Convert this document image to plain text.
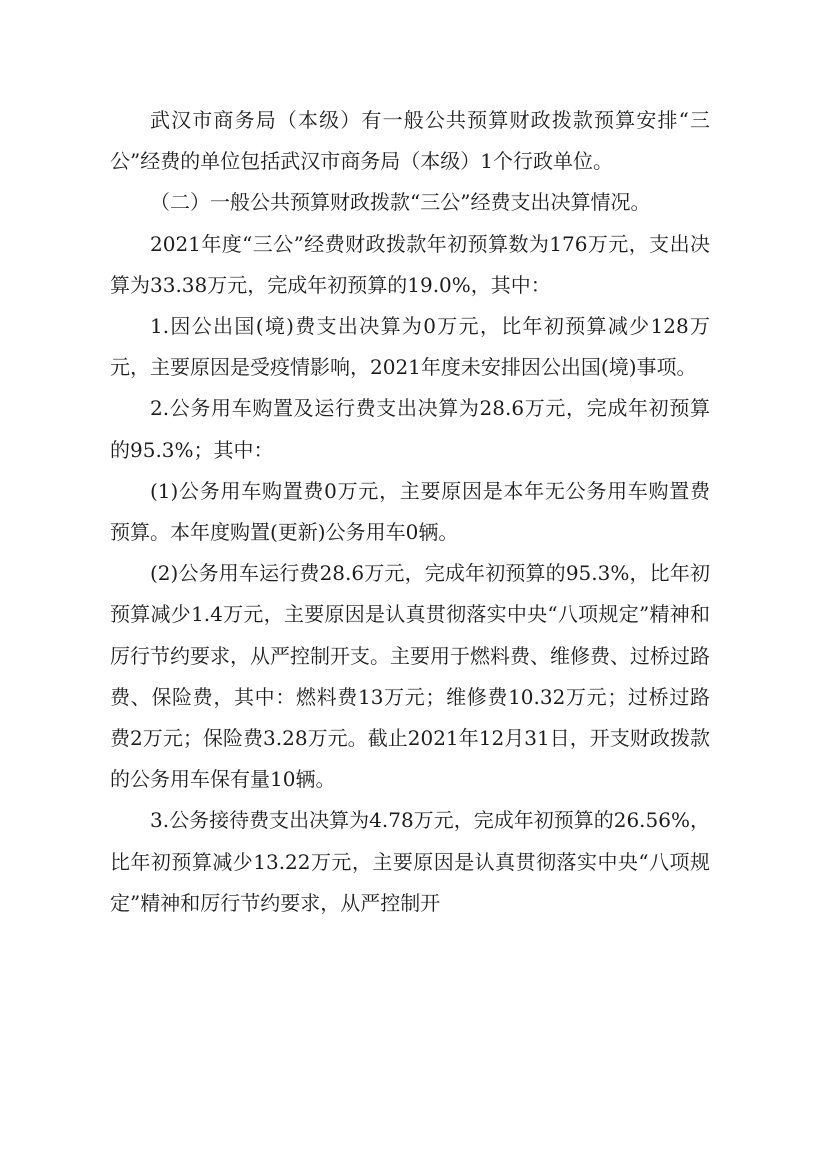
武汉市商务局（本级）有一般公共预算财政拨款预算安排“三公”经费的单位包括武汉市商务局（本级）1个行政单位。

（二）一般公共预算财政拨款“三公”经费支出决算情况。

2021年度“三公”经费财政拨款年初预算数为176万元，支出决算为33.38万元，完成年初预算的19.0%，其中：

1.因公出国(境)费支出决算为0万元，比年初预算减少128万元，主要原因是受疫情影响，2021年度未安排因公出国(境)事项。

2.公务用车购置及运行费支出决算为28.6万元，完成年初预算的95.3%；其中：

(1)公务用车购置费0万元，主要原因是本年无公务用车购置费预算。本年度购置(更新)公务用车0辆。

(2)公务用车运行费28.6万元，完成年初预算的95.3%，比年初预算减少1.4万元，主要原因是认真贯彻落实中央“八项规定”精神和厉行节约要求，从严控制开支。主要用于燃料费、维修费、过桥过路费、保险费，其中：燃料费13万元；维修费10.32万元；过桥过路费2万元；保险费3.28万元。截止2021年12月31日，开支财政拨款的公务用车保有量10辆。

3.公务接待费支出决算为4.78万元，完成年初预算的26.56%，比年初预算减少13.22万元，主要原因是认真贯彻落实中央“八项规定”精神和厉行节约要求，从严控制开
